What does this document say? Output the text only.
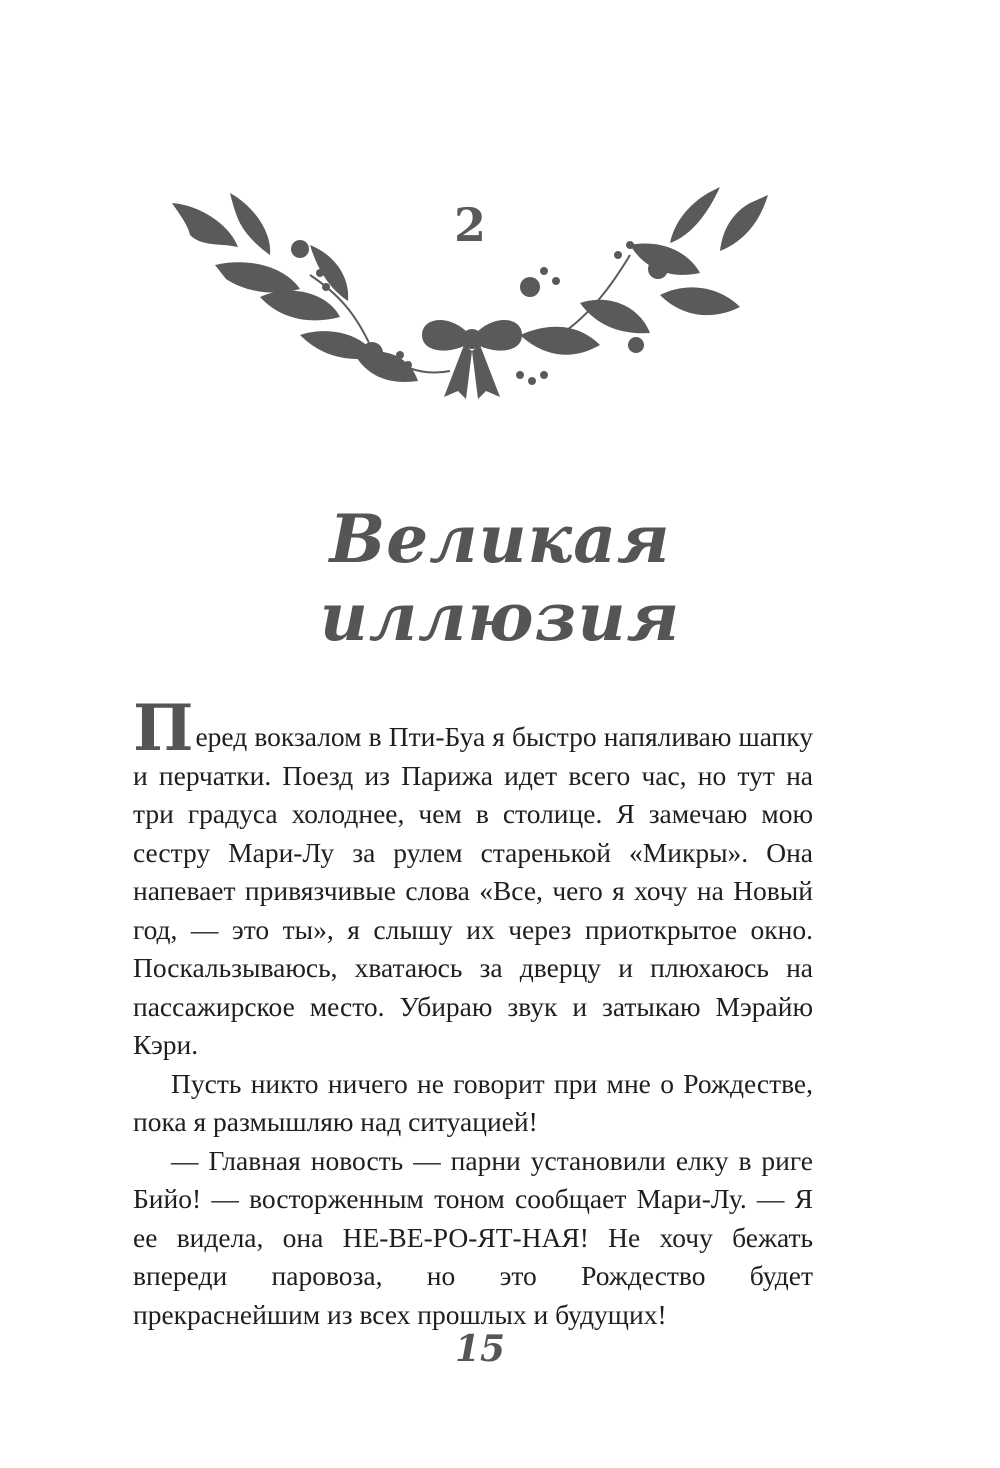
2
Великая
иллюзия

Перед вокзалом в Пти-Буа я быстро напяливаю шапку и перчатки. Поезд из Парижа идет всего час, но тут на три градуса холоднее, чем в столице. Я замечаю мою сестру Мари-Лу за рулем старенькой «Микры». Она напевает привязчивые слова «Все, чего я хочу на Новый год, — это ты», я слышу их через приоткрытое окно. Поскальзываюсь, хватаюсь за дверцу и плюхаюсь на пассажирское место. Убираю звук и затыкаю Мэрайю Кэри.

Пусть никто ничего не говорит при мне о Рождестве, пока я размышляю над ситуацией!

— Главная новость — парни установили елку в риге Бийо! — восторженным тоном сообщает Мари-Лу. — Я ее видела, она НЕ-ВЕ-РО-ЯТ-НАЯ! Не хочу бежать впереди паровоза, но это Рождество будет прекраснейшим из всех прошлых и будущих!

15
